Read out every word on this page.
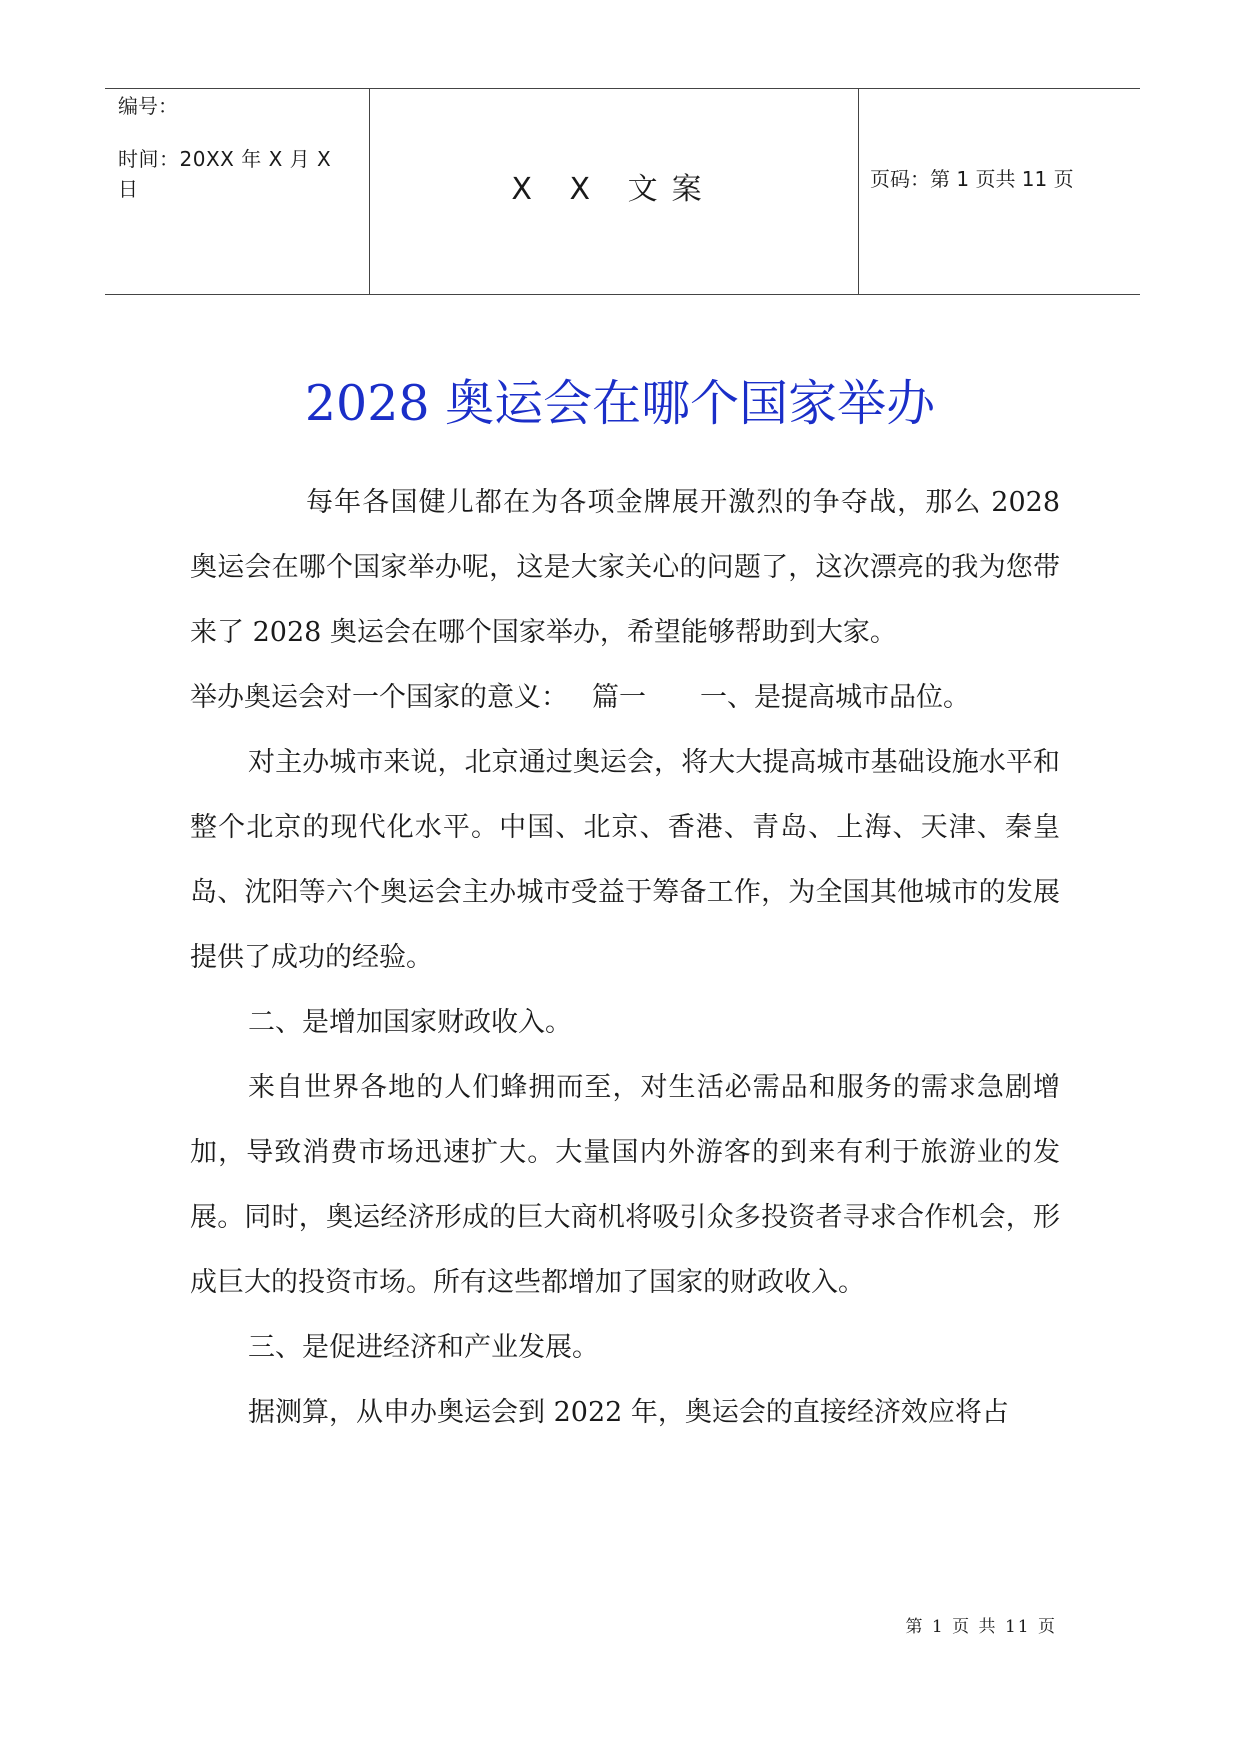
编号：
时间：20XX 年 X 月 X 日	X X 文案	页码：第 1 页共 11 页
2028 奥运会在哪个国家举办

每年各国健儿都在为各项金牌展开激烈的争夺战，那么 2028 奥运会在哪个国家举办呢，这是大家关心的问题了，这次漂亮的我为您带来了 2028 奥运会在哪个国家举办，希望能够帮助到大家。

举办奥运会对一个国家的意义： 篇一 一、是提高城市品位。

对主办城市来说，北京通过奥运会，将大大提高城市基础设施水平和整个北京的现代化水平。中国、北京、香港、青岛、上海、天津、秦皇岛、沈阳等六个奥运会主办城市受益于筹备工作，为全国其他城市的发展提供了成功的经验。

二、是增加国家财政收入。

来自世界各地的人们蜂拥而至，对生活必需品和服务的需求急剧增加，导致消费市场迅速扩大。大量国内外游客的到来有利于旅游业的发展。同时，奥运经济形成的巨大商机将吸引众多投资者寻求合作机会，形成巨大的投资市场。所有这些都增加了国家的财政收入。

三、是促进经济和产业发展。

据测算，从申办奥运会到 2022 年，奥运会的直接经济效应将占

第 1 页 共 11 页
